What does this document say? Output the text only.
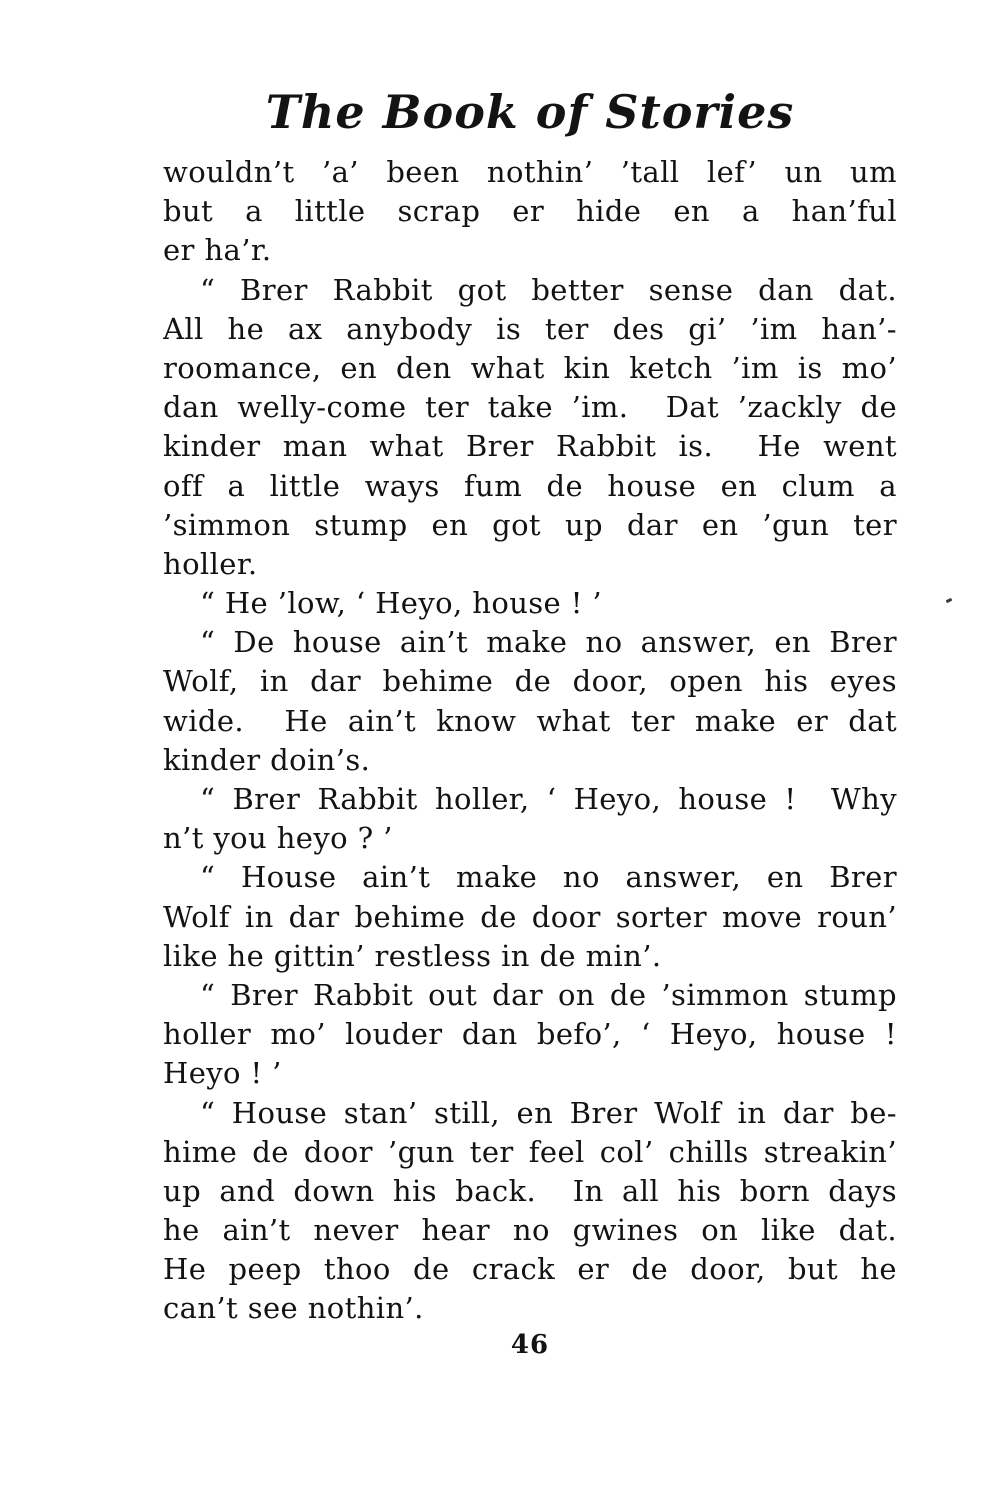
The Book of Stories
wouldn’t ’a’ been nothin’ ’tall lef’ un um
but a little scrap er hide en a han’ful
er ha’r.
“ Brer Rabbit got better sense dan dat.
All he ax anybody is ter des gi’ ’im han’-
roomance, en den what kin ketch ’im is mo’
dan welly-come ter take ’im.  Dat ’zackly de
kinder man what Brer Rabbit is.  He went
off a little ways fum de house en clum a
’simmon stump en got up dar en ’gun ter
holler.
“ He ’low, ‘ Heyo, house ! ’
“ De house ain’t make no answer, en Brer
Wolf, in dar behime de door, open his eyes
wide.  He ain’t know what ter make er dat
kinder doin’s.
“ Brer Rabbit holler, ‘ Heyo, house !  Why
n’t you heyo ? ’
“ House ain’t make no answer, en Brer
Wolf in dar behime de door sorter move roun’
like he gittin’ restless in de min’.
“ Brer Rabbit out dar on de ’simmon stump
holler mo’ louder dan befo’, ‘ Heyo, house !
Heyo ! ’
“ House stan’ still, en Brer Wolf in dar be-
hime de door ’gun ter feel col’ chills streakin’
up and down his back.  In all his born days
he ain’t never hear no gwines on like dat.
He peep thoo de crack er de door, but he
can’t see nothin’.
46
